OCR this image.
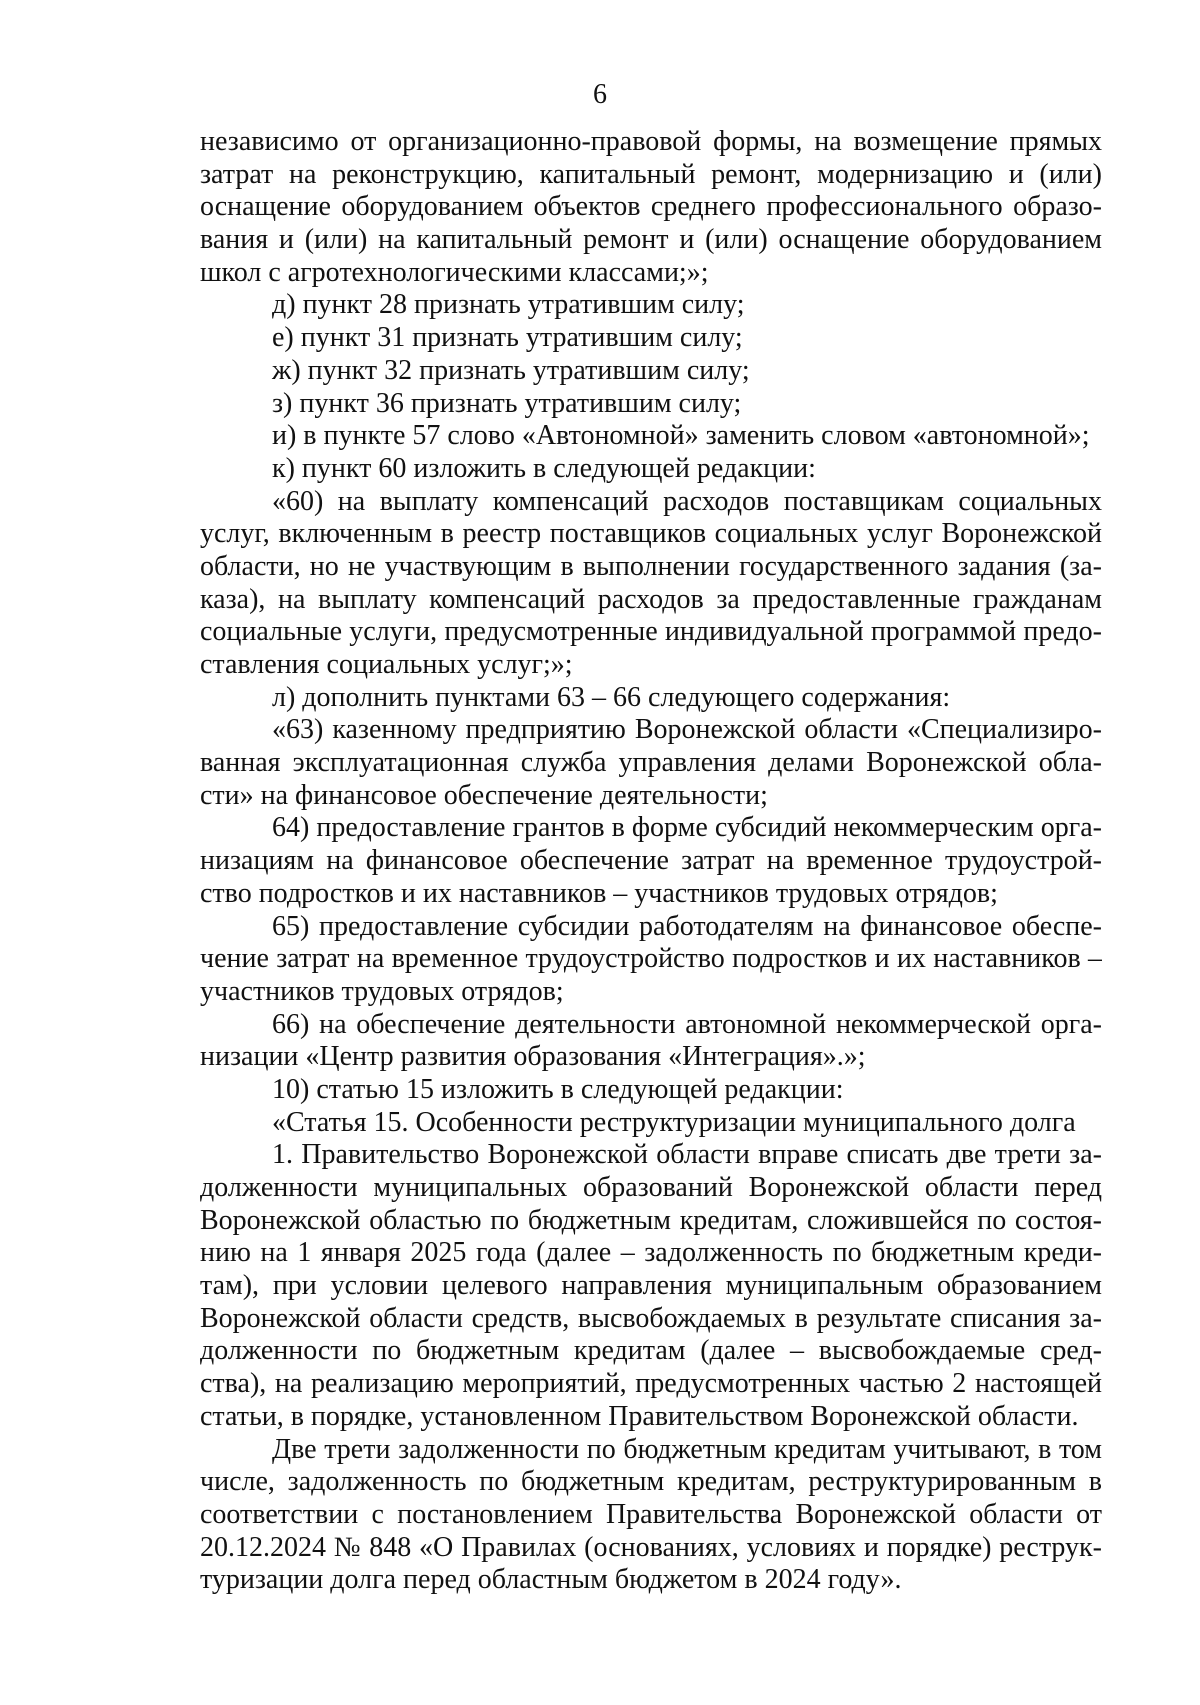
6
независимо от организационно-правовой формы, на возмещение прямых
затрат на реконструкцию, капитальный ремонт, модернизацию и (или)
оснащение оборудованием объектов среднего профессионального образо-
вания и (или) на капитальный ремонт и (или) оснащение оборудованием
школ с агротехнологическими классами;»;
д) пункт 28 признать утратившим силу;
е) пункт 31 признать утратившим силу;
ж) пункт 32 признать утратившим силу;
з) пункт 36 признать утратившим силу;
и) в пункте 57 слово «Автономной» заменить словом «автономной»;
к) пункт 60 изложить в следующей редакции:
«60) на выплату компенсаций расходов поставщикам социальных
услуг, включенным в реестр поставщиков социальных услуг Воронежской
области, но не участвующим в выполнении государственного задания (за-
каза), на выплату компенсаций расходов за предоставленные гражданам
социальные услуги, предусмотренные индивидуальной программой предо-
ставления социальных услуг;»;
л) дополнить пунктами 63 – 66 следующего содержания:
«63) казенному предприятию Воронежской области «Специализиро-
ванная эксплуатационная служба управления делами Воронежской обла-
сти» на финансовое обеспечение деятельности;
64) предоставление грантов в форме субсидий некоммерческим орга-
низациям на финансовое обеспечение затрат на временное трудоустрой-
ство подростков и их наставников – участников трудовых отрядов;
65) предоставление субсидии работодателям на финансовое обеспе-
чение затрат на временное трудоустройство подростков и их наставников –
участников трудовых отрядов;
66) на обеспечение деятельности автономной некоммерческой орга-
низации «Центр развития образования «Интеграция».»;
10) статью 15 изложить в следующей редакции:
«Статья 15. Особенности реструктуризации муниципального долга
1. Правительство Воронежской области вправе списать две трети за-
долженности муниципальных образований Воронежской области перед
Воронежской областью по бюджетным кредитам, сложившейся по состоя-
нию на 1 января 2025 года (далее – задолженность по бюджетным креди-
там), при условии целевого направления муниципальным образованием
Воронежской области средств, высвобождаемых в результате списания за-
долженности по бюджетным кредитам (далее – высвобождаемые сред-
ства), на реализацию мероприятий, предусмотренных частью 2 настоящей
статьи, в порядке, установленном Правительством Воронежской области.
Две трети задолженности по бюджетным кредитам учитывают, в том
числе, задолженность по бюджетным кредитам, реструктурированным в
соответствии с постановлением Правительства Воронежской области от
20.12.2024 № 848 «О Правилах (основаниях, условиях и порядке) реструк-
туризации долга перед областным бюджетом в 2024 году».
